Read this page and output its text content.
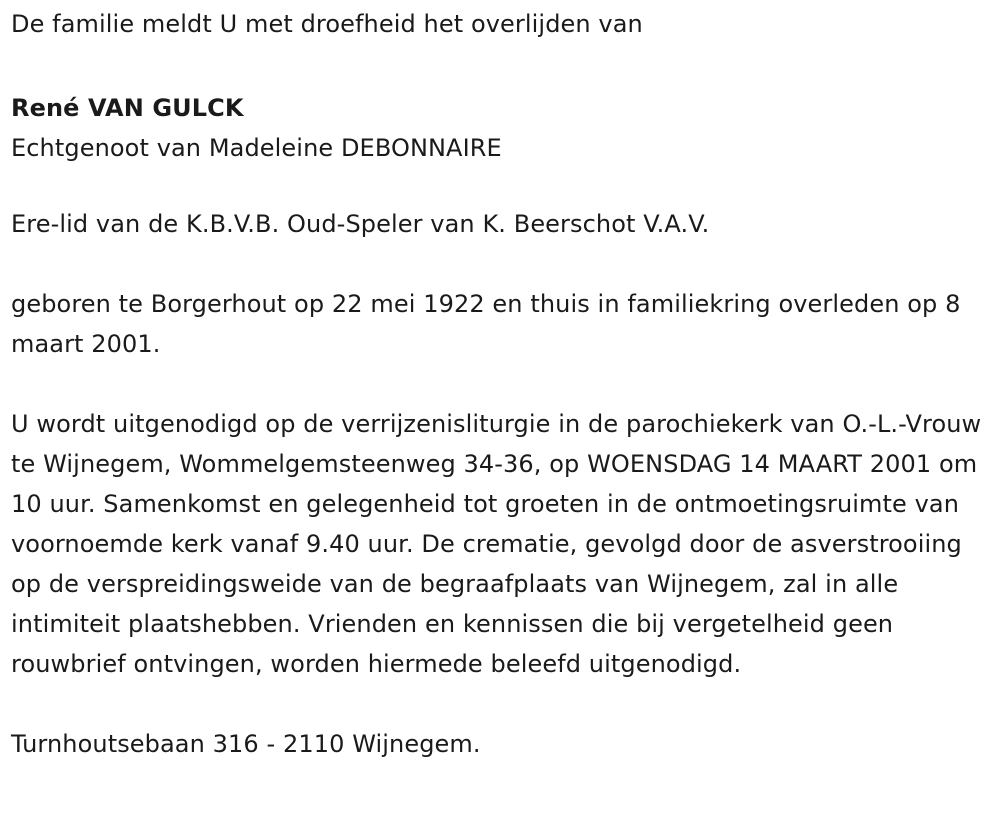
De familie meldt U met droefheid het overlijden van

René VAN GULCK

Echtgenoot van Madeleine DEBONNAIRE

Ere-lid van de K.B.V.B. Oud-Speler van K. Beerschot V.A.V.

geboren te Borgerhout op 22 mei 1922 en thuis in familiekring overleden op 8 maart 2001.

U wordt uitgenodigd op de verrijzenisliturgie in de parochiekerk van O.-L.-Vrouw te Wijnegem, Wommelgemsteenweg 34-36, op WOENSDAG 14 MAART 2001 om 10 uur. Samenkomst en gelegenheid tot groeten in de ontmoetingsruimte van voornoemde kerk vanaf 9.40 uur. De crematie, gevolgd door de asverstrooiing op de verspreidingsweide van de begraafplaats van Wijnegem, zal in alle intimiteit plaatshebben. Vrienden en kennissen die bij vergetelheid geen rouwbrief ontvingen, worden hiermede beleefd uitgenodigd.

Turnhoutsebaan 316 - 2110 Wijnegem.
